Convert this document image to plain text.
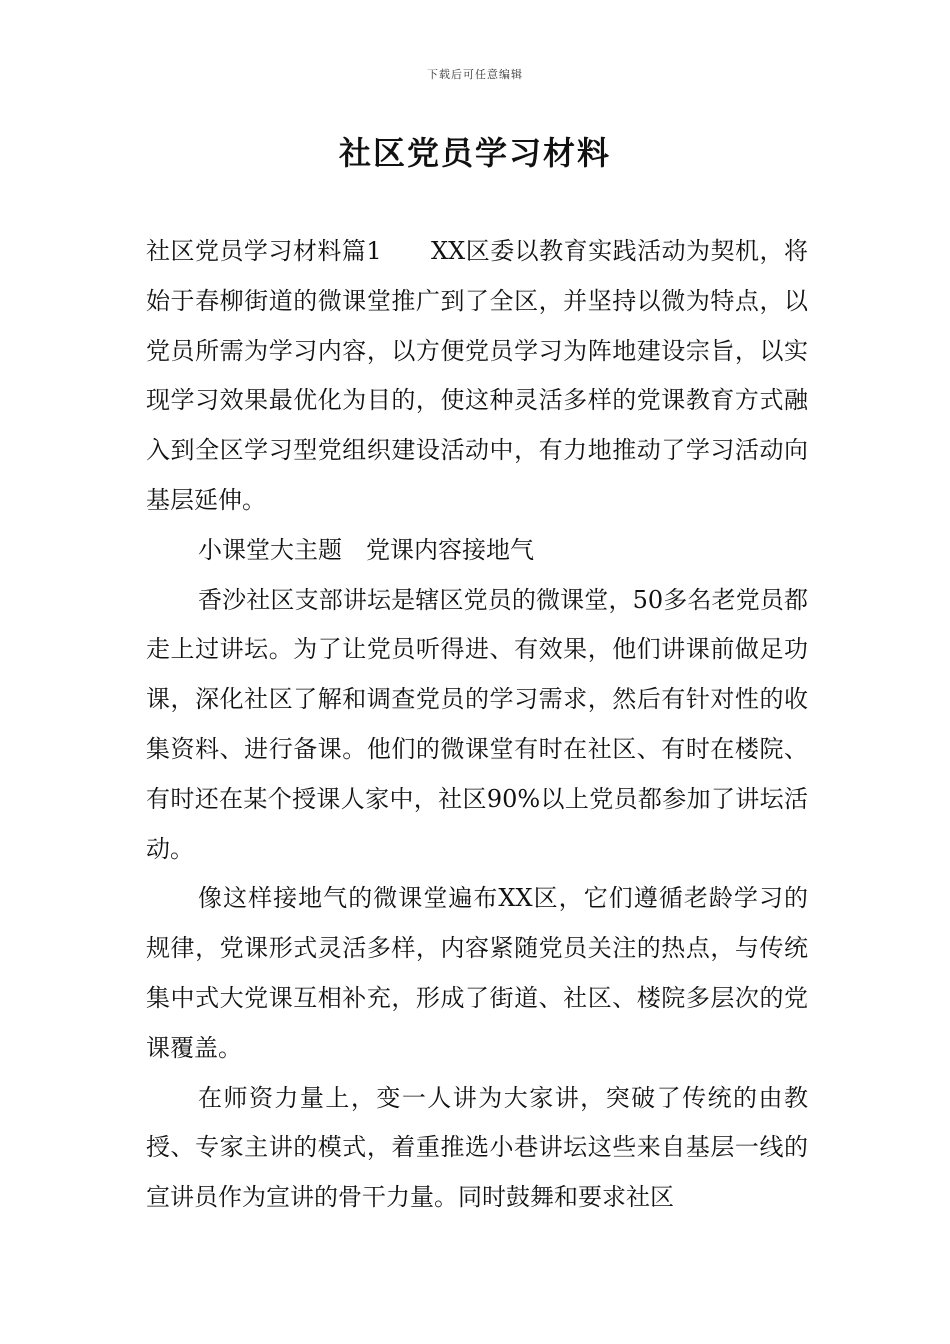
下载后可任意编辑
社区党员学习材料

社区党员学习材料篇1　　XX区委以教育实践活动为契机，将始于春柳街道的微课堂推广到了全区，并坚持以微为特点，以党员所需为学习内容，以方便党员学习为阵地建设宗旨，以实现学习效果最优化为目的，使这种灵活多样的党课教育方式融入到全区学习型党组织建设活动中，有力地推动了学习活动向基层延伸。

小课堂大主题　党课内容接地气

香沙社区支部讲坛是辖区党员的微课堂，50多名老党员都走上过讲坛。为了让党员听得进、有效果，他们讲课前做足功课，深化社区了解和调查党员的学习需求，然后有针对性的收集资料、进行备课。他们的微课堂有时在社区、有时在楼院、有时还在某个授课人家中，社区90%以上党员都参加了讲坛活动。

像这样接地气的微课堂遍布XX区，它们遵循老龄学习的规律，党课形式灵活多样，内容紧随党员关注的热点，与传统集中式大党课互相补充，形成了街道、社区、楼院多层次的党课覆盖。

在师资力量上，变一人讲为大家讲，突破了传统的由教授、专家主讲的模式，着重推选小巷讲坛这些来自基层一线的宣讲员作为宣讲的骨干力量。同时鼓舞和要求社区
